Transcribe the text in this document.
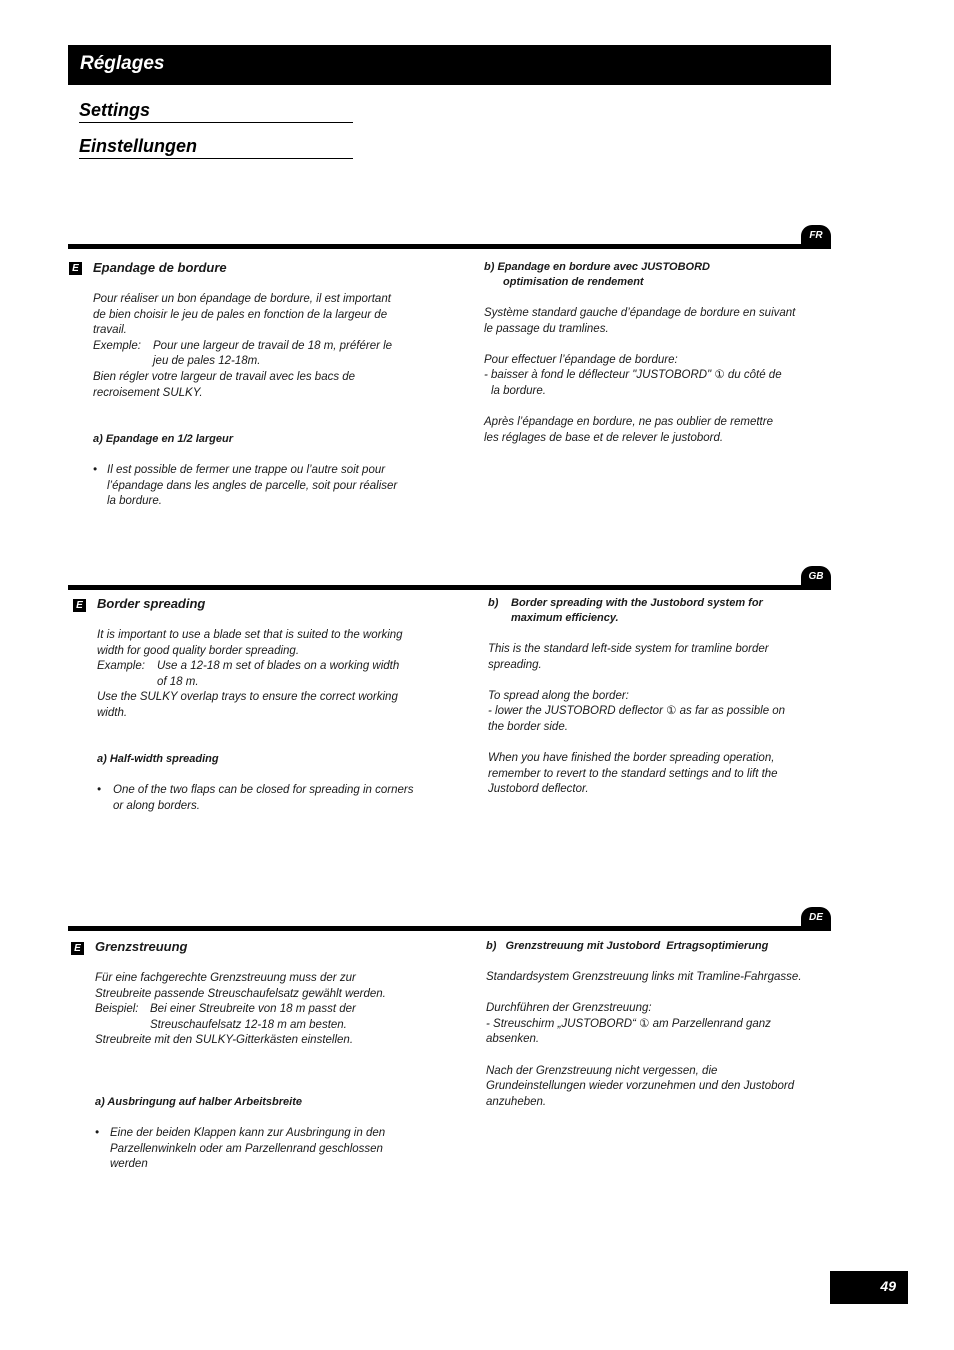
Réglages
Settings
Einstellungen
FR
E Epandage de bordure

Pour réaliser un bon épandage de bordure, il est important

de bien choisir le jeu de pales en fonction de la largeur de

travail.

Exemple:	Pour une largeur de travail de 18 m, préférer le

jeu de pales 12-18m.

Bien régler votre largeur de travail avec les bacs de

recroisement SULKY.

a) Epandage en 1/2 largeur
• Il est possible de fermer une trappe ou l’autre soit pour

l’épandage dans les angles de parcelle, soit pour réaliser

la bordure.

b) Epandage en bordure avec JUSTOBORD
optimisation de rendement

Système standard gauche d’épandage de bordure en suivant

le passage du tramlines.

Pour effectuer l’épandage de bordure:

- baisser à fond le déflecteur "JUSTOBORD" ① du côté de

la bordure.

Après l’épandage en bordure, ne pas oublier de remettre

les réglages de base et de relever le justobord.

GB
E Border spreading

It is important to use a blade set that is suited to the working

width for good quality border spreading.

Example:	Use a 12-18 m set of blades on a working width

of 18 m.

Use the SULKY overlap trays to ensure the correct working

width.

a) Half-width spreading
•	One of the two flaps can be closed for spreading in corners

or along borders.

b)	Border spreading with the Justobord system for
maximum efficiency.

This is the standard left-side system for tramline border

spreading.

To spread along the border:

- lower the JUSTOBORD deflector ① as far as possible on

the border side.

When you have finished the border spreading operation,

remember to revert to the standard settings and to lift the

Justobord deflector.

DE
E Grenzstreuung

Für eine fachgerechte Grenzstreuung muss der zur

Streubreite passende Streuschaufelsatz gewählt werden.

Beispiel:	Bei einer Streubreite von 18 m passt der

Streuschaufelsatz 12-18 m am besten.

Streubreite mit den SULKY-Gitterkästen einstellen.

a) Ausbringung auf halber Arbeitsbreite
• Eine der beiden Klappen kann zur Ausbringung in den

Parzellenwinkeln oder am Parzellenrand geschlossen

werden

b)   Grenzstreuung mit Justobord  Ertragsoptimierung

Standardsystem Grenzstreuung links mit Tramline-Fahrgasse.

Durchführen der Grenzstreuung:

- Streuschirm „JUSTOBORD“ ① am Parzellenrand ganz

absenken.

Nach der Grenzstreuung nicht vergessen, die

Grundeinstellungen wieder vorzunehmen und den Justobord

anzuheben.

49
